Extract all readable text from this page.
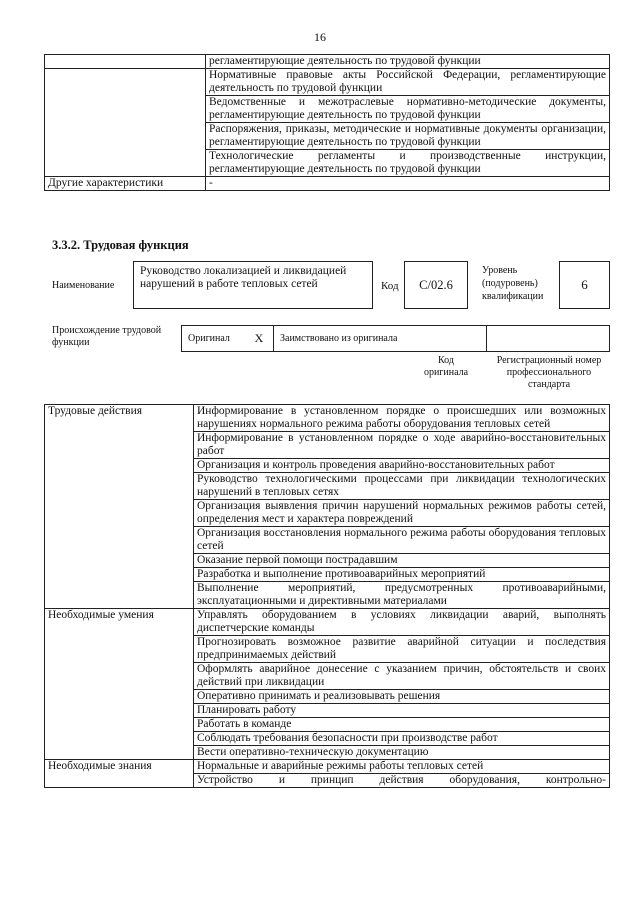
16
	регламентирующие деятельность по трудовой функции
	Нормативные правовые акты Российской Федерации, регламентирующие деятельность по трудовой функции
	Ведомственные и межотраслевые нормативно-методические документы, регламентирующие деятельность по трудовой функции
	Распоряжения, приказы, методические и нормативные документы организации, регламентирующие деятельность по трудовой функции
	Технологические регламенты и производственные инструкции, регламентирующие деятельность по трудовой функции
Другие характеристики	-
3.3.2. Трудовая функция
Наименование
Руководство локализацией и ликвидацией нарушений в работе тепловых сетей	Код	C/02.6
Уровень
(подуровень)
квалификации
6
Происхождение трудовой
функции	Оригинал	X	Заимствовано из оригинала
Код
оригинала
Регистрационный номер
профессионального
стандарта
Трудовые действия	Информирование в установленном порядке о происшедших или возможных нарушениях нормального режима работы оборудования тепловых сетей
	Информирование в установленном порядке о ходе аварийно-восстановительных работ
	Организация и контроль проведения аварийно-восстановительных работ
	Руководство технологическими процессами при ликвидации технологических нарушений в тепловых сетях
	Организация выявления причин нарушений нормальных режимов работы сетей, определения мест и характера повреждений
	Организация восстановления нормального режима работы оборудования тепловых сетей
	Оказание первой помощи пострадавшим
	Разработка и выполнение противоаварийных мероприятий
	Выполнение мероприятий, предусмотренных противоаварийными, эксплуатационными и директивными материалами
Необходимые умения	Управлять оборудованием в условиях ликвидации аварий, выполнять диспетчерские команды
	Прогнозировать возможное развитие аварийной ситуации и последствия предпринимаемых действий
	Оформлять аварийное донесение с указанием причин, обстоятельств и своих действий при ликвидации
	Оперативно принимать и реализовывать решения
	Планировать работу
	Работать в команде
	Соблюдать требования безопасности при производстве работ
	Вести оперативно-техническую документацию
Необходимые знания	Нормальные и аварийные режимы работы тепловых сетей
	Устройство и принцип действия оборудования, контрольно-
